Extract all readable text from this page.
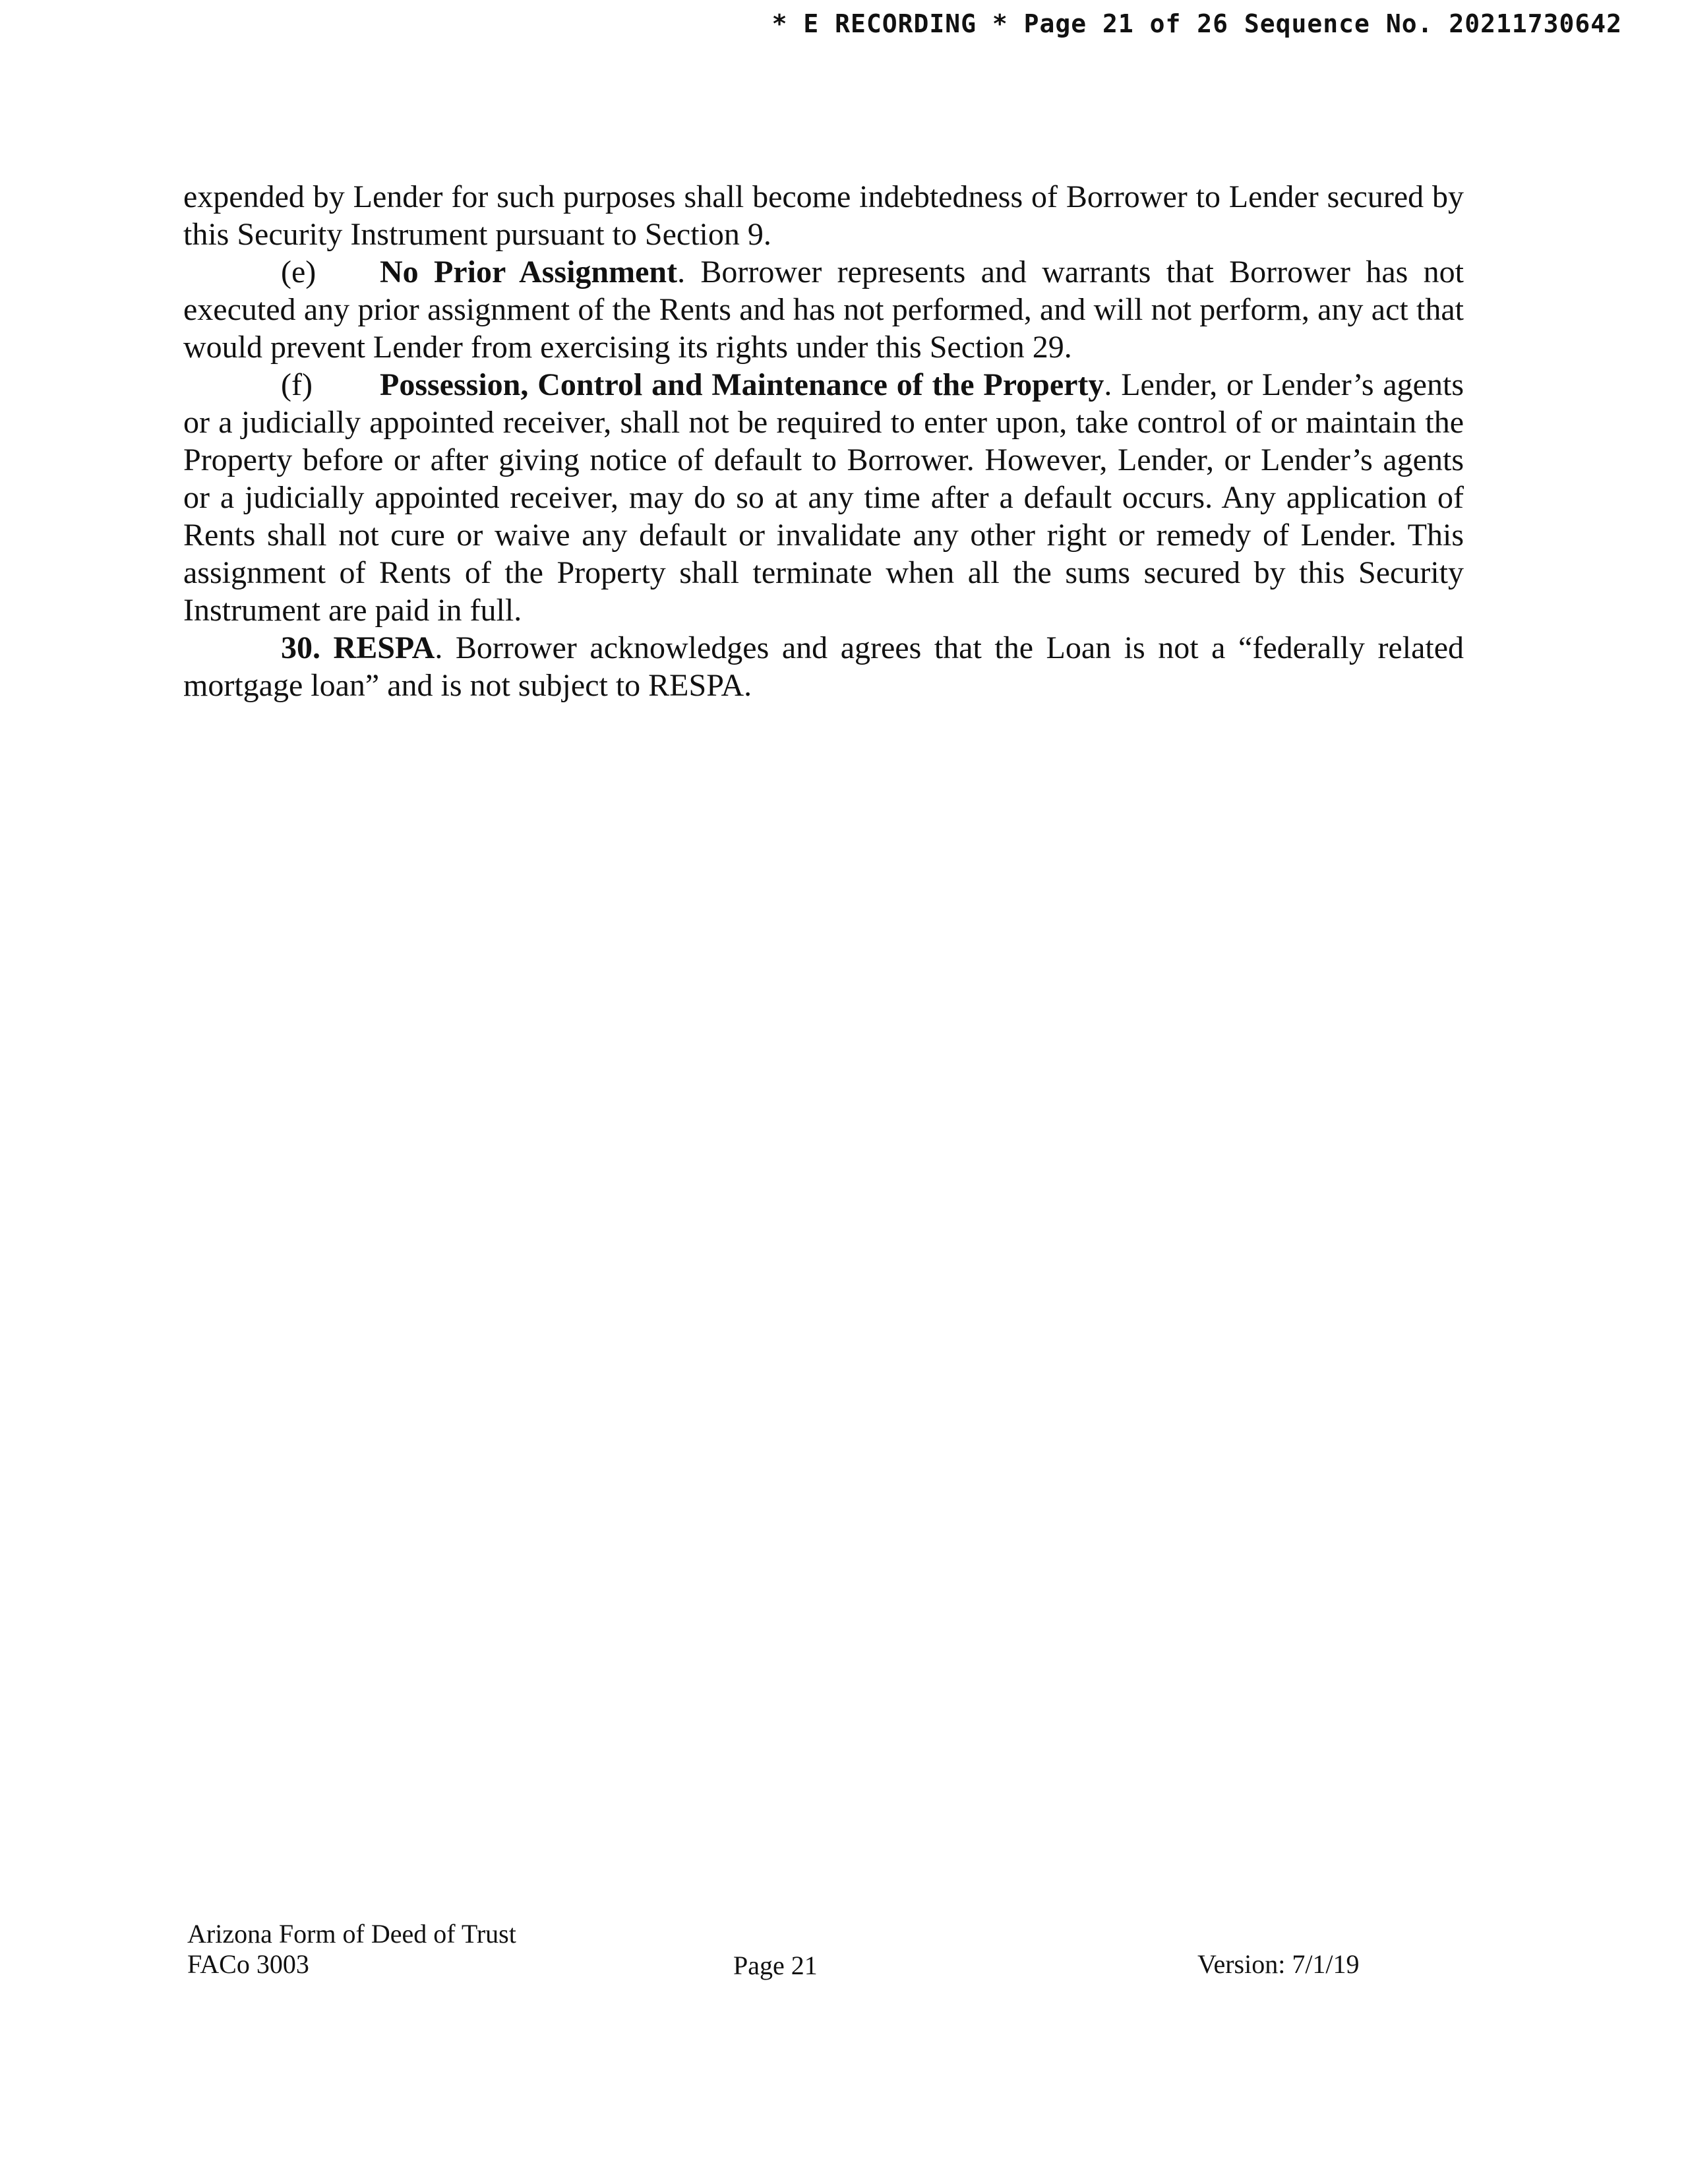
* E RECORDING * Page 21 of 26 Sequence No. 20211730642

expended by Lender for such purposes shall become indebtedness of Borrower to Lender secured by this Security Instrument pursuant to Section 9.

(e) No Prior Assignment. Borrower represents and warrants that Borrower has not executed any prior assignment of the Rents and has not performed, and will not perform, any act that would prevent Lender from exercising its rights under this Section 29.

(f) Possession, Control and Maintenance of the Property. Lender, or Lender’s agents or a judicially appointed receiver, shall not be required to enter upon, take control of or maintain the Property before or after giving notice of default to Borrower. However, Lender, or Lender’s agents or a judicially appointed receiver, may do so at any time after a default occurs. Any application of Rents shall not cure or waive any default or invalidate any other right or remedy of Lender. This assignment of Rents of the Property shall terminate when all the sums secured by this Security Instrument are paid in full.

30. RESPA. Borrower acknowledges and agrees that the Loan is not a “federally related mortgage loan” and is not subject to RESPA.

Arizona Form of Deed of Trust
FACo 3003	Page 21	Version: 7/1/19
